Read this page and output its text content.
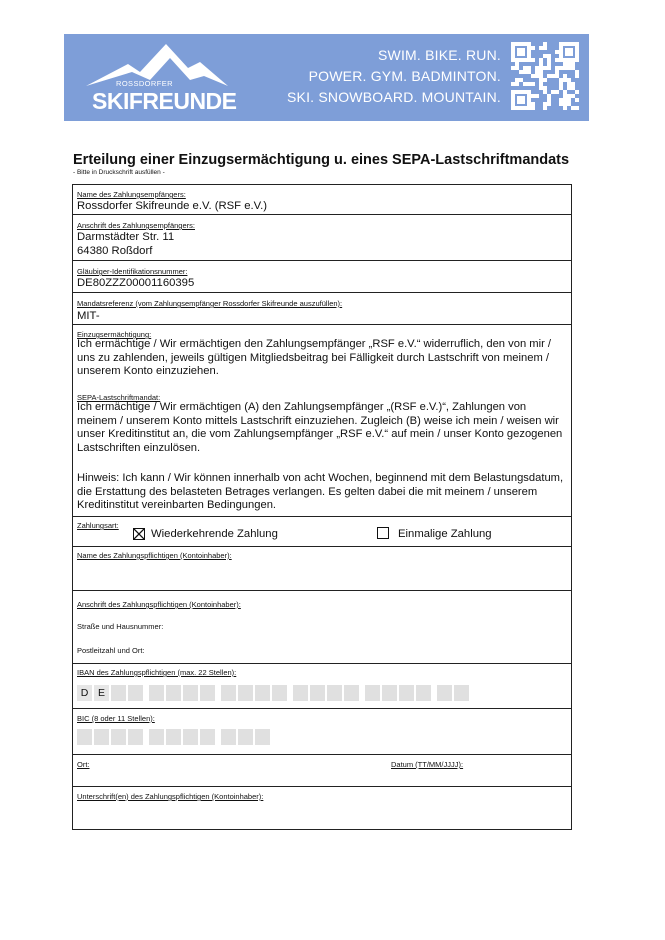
ROSSDORFER
SKIFREUNDE
SWIM. BIKE. RUN.
POWER. GYM. BADMINTON.
SKI. SNOWBOARD. MOUNTAIN.
Erteilung einer Einzugsermächtigung u. eines SEPA-Lastschriftmandats
- Bitte in Druckschrift ausfüllen -
Name des Zahlungsempfängers:
Rossdorfer Skifreunde e.V. (RSF e.V.)
Anschrift des Zahlungsempfängers:
Darmstädter Str. 11
64380 Roßdorf
Gläubiger-Identifikationsnummer:
DE80ZZZ00001160395
Mandatsreferenz (vom Zahlungsempfänger Rossdorfer Skifreunde auszufüllen):
MIT-
Einzugsermächtigung:
Ich ermächtige / Wir ermächtigen den Zahlungsempfänger „RSF e.V.“ widerruflich, den von mir / uns zu zahlenden, jeweils gültigen Mitgliedsbeitrag bei Fälligkeit durch Lastschrift von meinem / unserem Konto einzuziehen.
SEPA-Lastschriftmandat:
Ich ermächtige / Wir ermächtigen (A) den Zahlungsempfänger „(RSF e.V.)“, Zahlungen von meinem / unserem Konto mittels Lastschrift einzuziehen. Zugleich (B) weise ich mein / weisen wir unser Kreditinstitut an, die vom Zahlungsempfänger „RSF e.V.“ auf mein / unser Konto gezogenen Lastschriften einzulösen.
Hinweis: Ich kann / Wir können innerhalb von acht Wochen, beginnend mit dem Belastungsdatum, die Erstattung des belasteten Betrages verlangen. Es gelten dabei die mit meinem / unserem Kreditinstitut vereinbarten Bedingungen.
Zahlungsart:
Wiederkehrende Zahlung	Einmalige Zahlung
Name des Zahlungspflichtigen (Kontoinhaber):
Anschrift des Zahlungspflichtigen (Kontoinhaber):
Straße und Hausnummer:
Postleitzahl und Ort:
IBAN des Zahlungspflichtigen (max. 22 Stellen):
D E
BIC (8 oder 11 Stellen):
Ort:	Datum (TT/MM/JJJJ):
Unterschrift(en) des Zahlungspflichtigen (Kontoinhaber):
